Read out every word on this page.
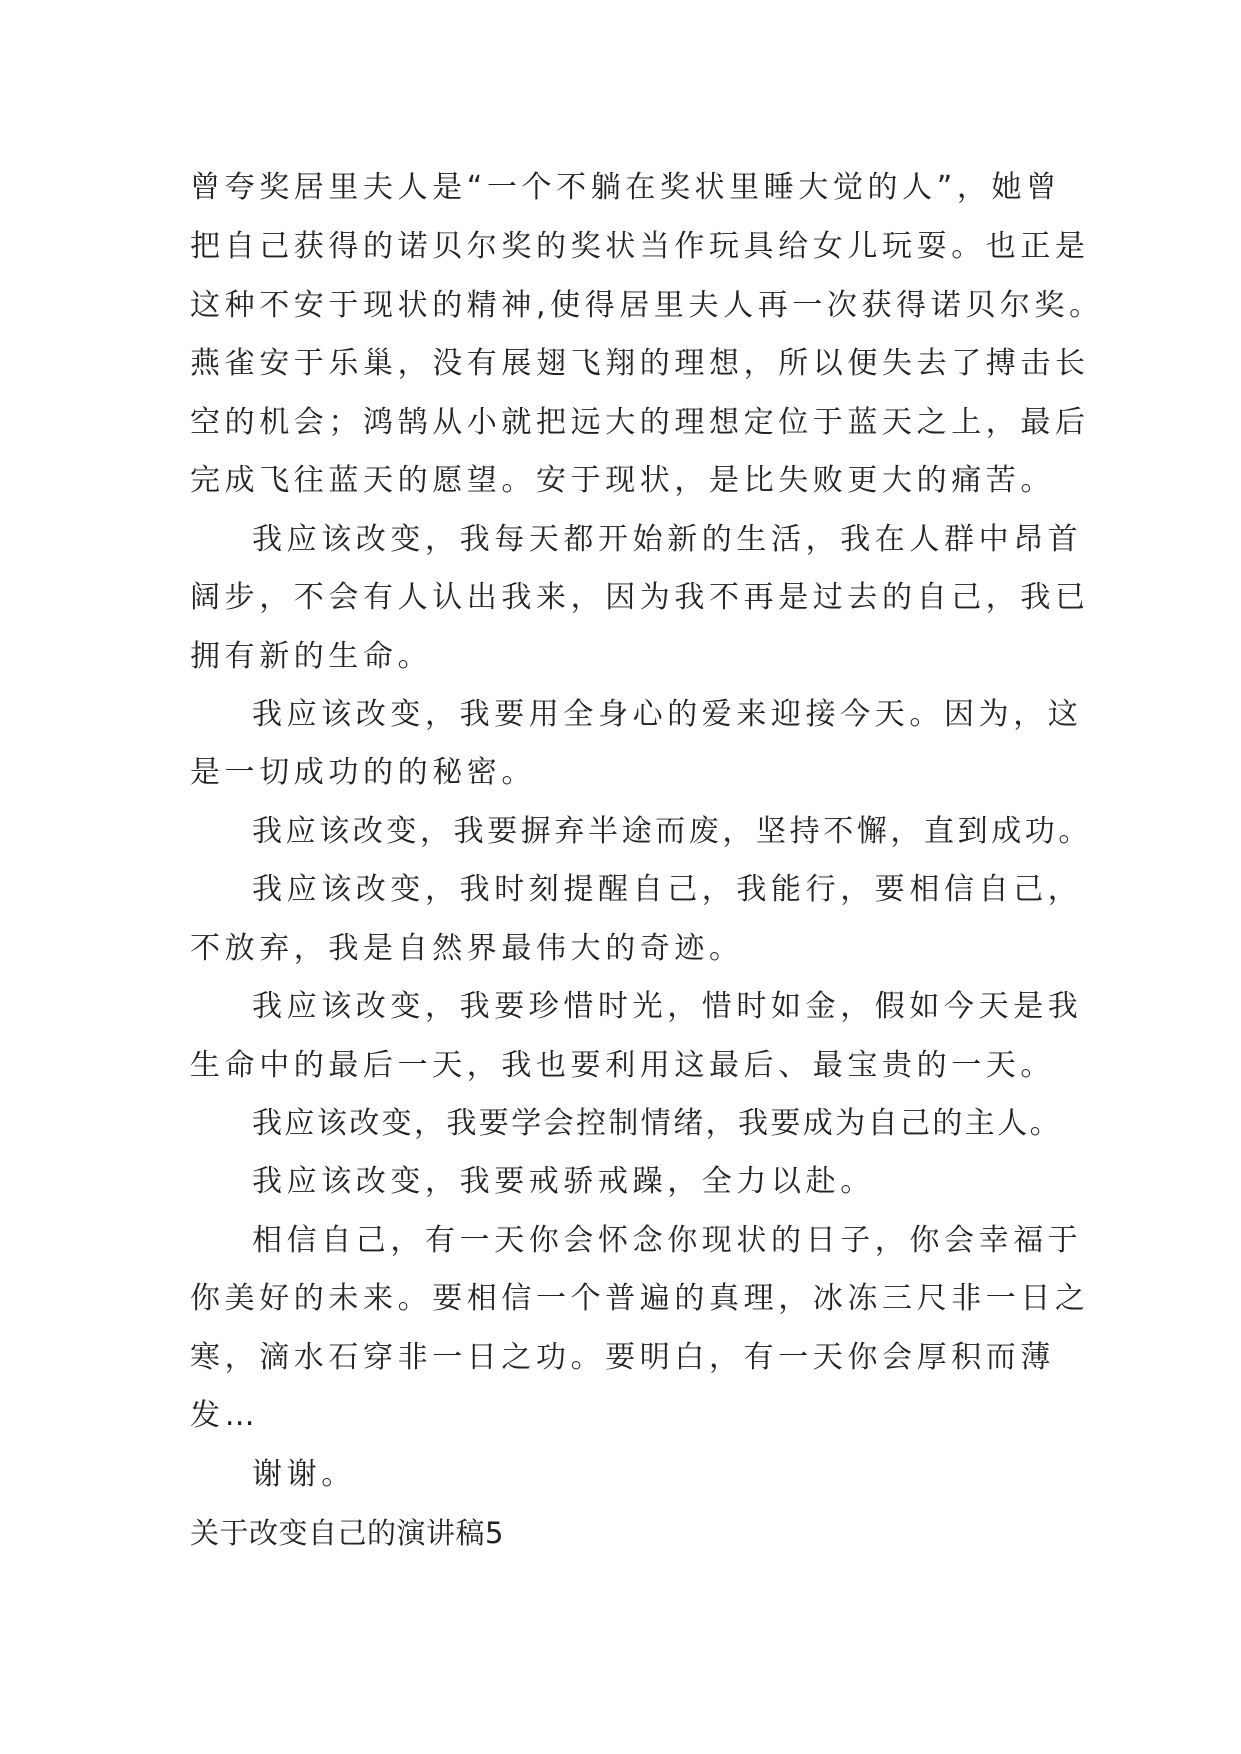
曾夸奖居里夫人是“一个不躺在奖状里睡大觉的人”，她曾
把自己获得的诺贝尔奖的奖状当作玩具给女儿玩耍。也正是
这种不安于现状的精神,使得居里夫人再一次获得诺贝尔奖。
燕雀安于乐巢，没有展翅飞翔的理想，所以便失去了搏击长
空的机会；鸿鹄从小就把远大的理想定位于蓝天之上，最后
完成飞往蓝天的愿望。安于现状，是比失败更大的痛苦。
我应该改变，我每天都开始新的生活，我在人群中昂首
阔步，不会有人认出我来，因为我不再是过去的自己，我已
拥有新的生命。
我应该改变，我要用全身心的爱来迎接今天。因为，这
是一切成功的的秘密。
我应该改变，我要摒弃半途而废，坚持不懈，直到成功。
我应该改变，我时刻提醒自己，我能行，要相信自己，
不放弃，我是自然界最伟大的奇迹。
我应该改变，我要珍惜时光，惜时如金，假如今天是我
生命中的最后一天，我也要利用这最后、最宝贵的一天。
我应该改变，我要学会控制情绪，我要成为自己的主人。
我应该改变，我要戒骄戒躁，全力以赴。
相信自己，有一天你会怀念你现状的日子，你会幸福于
你美好的未来。要相信一个普遍的真理，冰冻三尺非一日之
寒，滴水石穿非一日之功。要明白，有一天你会厚积而薄
发…
谢谢。
关于改变自己的演讲稿5
